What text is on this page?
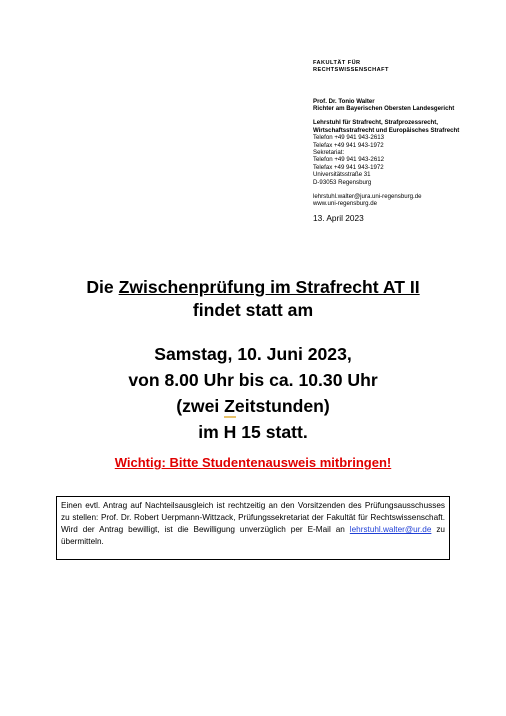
FAKULTÄT FÜR
RECHTSWISSENSCHAFT
Prof. Dr. Tonio Walter
Richter am Bayerischen Obersten Landesgericht
Lehrstuhl für Strafrecht, Strafprozessrecht,
Wirtschaftsstrafrecht und Europäisches Strafrecht
Telefon +49 941 943-2613
Telefax +49 941 943-1972
Sekretariat:
Telefon +49 941 943-2612
Telefax +49 941 943-1972
Universitätsstraße 31
D-93053 Regensburg
lehrstuhl.walter@jura.uni-regensburg.de
www.uni-regensburg.de
13. April 2023
Die Zwischenprüfung im Strafrecht AT II
findet statt am
Samstag, 10. Juni 2023,
von 8.00 Uhr bis ca. 10.30 Uhr
(zwei Zeitstunden)
im H 15 statt.
Wichtig: Bitte Studentenausweis mitbringen!
Einen evtl. Antrag auf Nachteilsausgleich ist rechtzeitig an den Vorsitzenden des Prüfungsausschusses zu stellen: Prof. Dr. Robert Uerpmann-Wittzack, Prüfungssekretariat der Fakultät für Rechtswissenschaft. Wird der Antrag bewilligt, ist die Bewilligung unverzüglich per E-Mail an lehrstuhl.walter@ur.de zu übermitteln.
